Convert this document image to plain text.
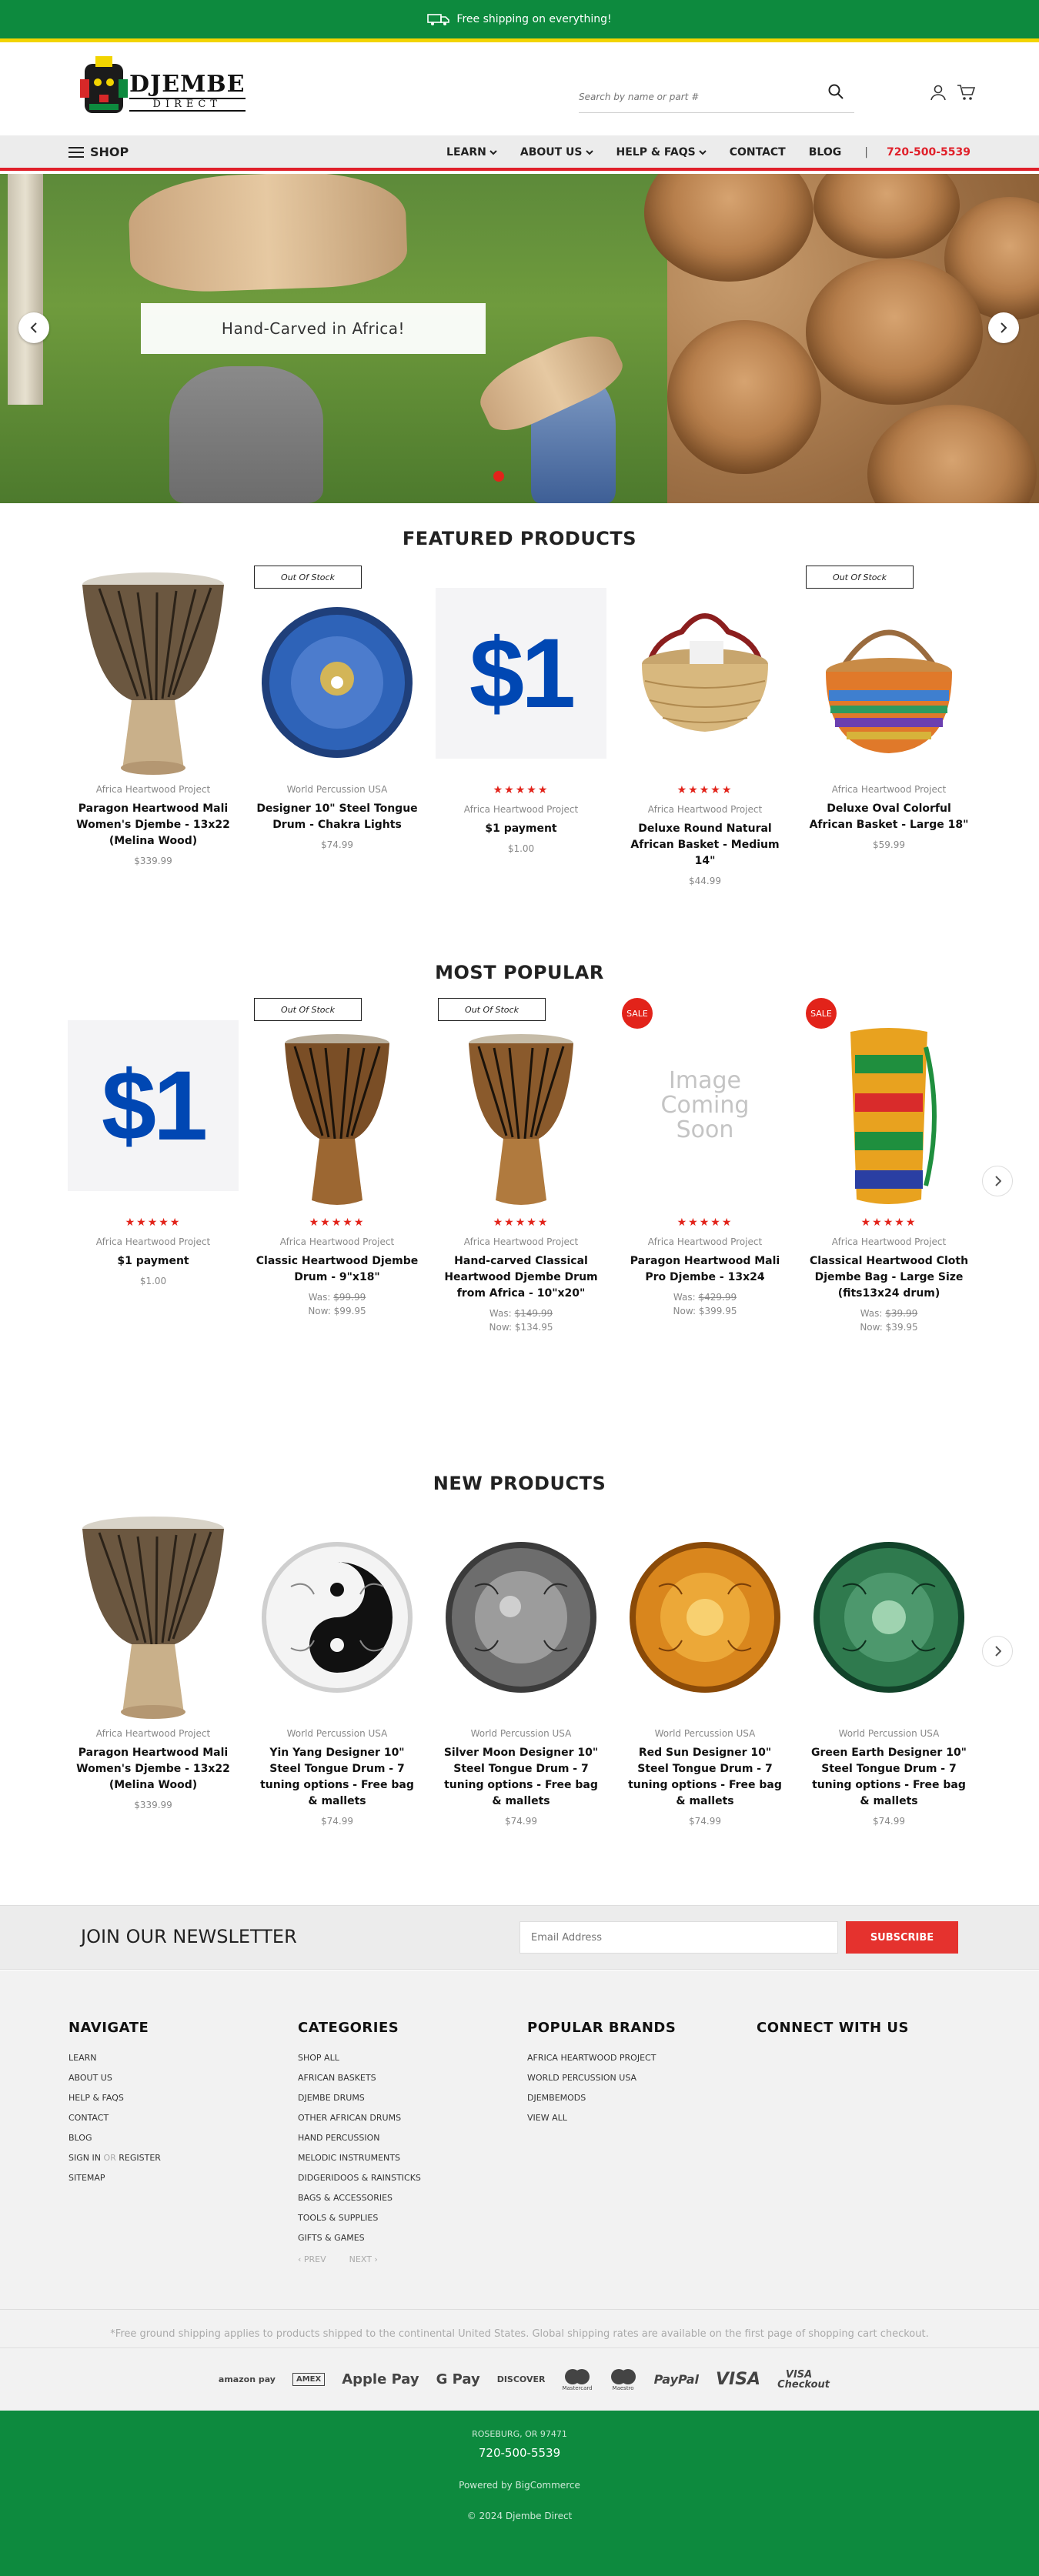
Free shipping on everything!
DJEMBE
DIRECT
Search by name or part #
SHOP	LEARN	ABOUT US	HELP & FAQS	CONTACT BLOG | 720-500-5539
Hand-Carved in Africa!
FEATURED PRODUCTS
Africa Heartwood Project
Paragon Heartwood Mali Women's Djembe - 13x22 (Melina Wood)
$339.99
Out Of Stock
World Percussion USA
Designer 10" Steel Tongue Drum - Chakra Lights
$74.99
$1
★★★★★
Africa Heartwood Project
$1 payment
$1.00
★★★★★
Africa Heartwood Project
Deluxe Round Natural African Basket - Medium 14"
$44.99
Out Of Stock
Africa Heartwood Project
Deluxe Oval Colorful African Basket - Large 18"
$59.99
MOST POPULAR
$1
★★★★★
Africa Heartwood Project
$1 payment
$1.00
Out Of Stock
★★★★★
Africa Heartwood Project
Classic Heartwood Djembe Drum - 9"x18"
Was: $99.99
Now: $99.95
Out Of Stock
★★★★★
Africa Heartwood Project
Hand-carved Classical Heartwood Djembe Drum from Africa - 10"x20"
Was: $149.99
Now: $134.95
SALE
Image Coming Soon
★★★★★
Africa Heartwood Project
Paragon Heartwood Mali Pro Djembe - 13x24
Was: $429.99
Now: $399.95
SALE
★★★★★
Africa Heartwood Project
Classical Heartwood Cloth Djembe Bag - Large Size (fits13x24 drum)
Was: $39.99
Now: $39.95
NEW PRODUCTS
Africa Heartwood Project
Paragon Heartwood Mali Women's Djembe - 13x22 (Melina Wood)
$339.99
World Percussion USA
Yin Yang Designer 10" Steel Tongue Drum - 7 tuning options - Free bag & mallets
$74.99
World Percussion USA
Silver Moon Designer 10" Steel Tongue Drum - 7 tuning options - Free bag & mallets
$74.99
World Percussion USA
Red Sun Designer 10" Steel Tongue Drum - 7 tuning options - Free bag & mallets
$74.99
World Percussion USA
Green Earth Designer 10" Steel Tongue Drum - 7 tuning options - Free bag & mallets
$74.99
JOIN OUR NEWSLETTER
Email Address	SUBSCRIBE
NAVIGATE
LEARN
ABOUT US
HELP & FAQS
CONTACT
BLOG
SIGN IN OR REGISTER
SITEMAP
CATEGORIES
SHOP ALL
AFRICAN BASKETS
DJEMBE DRUMS
OTHER AFRICAN DRUMS
HAND PERCUSSION
MELODIC INSTRUMENTS
DIDGERIDOOS & RAINSTICKS
BAGS & ACCESSORIES
TOOLS & SUPPLIES
GIFTS & GAMES
‹ PREV	NEXT ›
POPULAR BRANDS
AFRICA HEARTWOOD PROJECT
WORLD PERCUSSION USA
DJEMBEMODS
VIEW ALL
CONNECT WITH US
*Free ground shipping applies to products shipped to the continental United States. Global shipping rates are available on the first page of shopping cart checkout.
amazon pay	AMEX Apple Pay G Pay DISCOVER
Mastercard	Maestro
PayPal VISA	VISA Checkout
ROSEBURG, OR 97471
720-500-5539
Powered by BigCommerce
© 2024 Djembe Direct
